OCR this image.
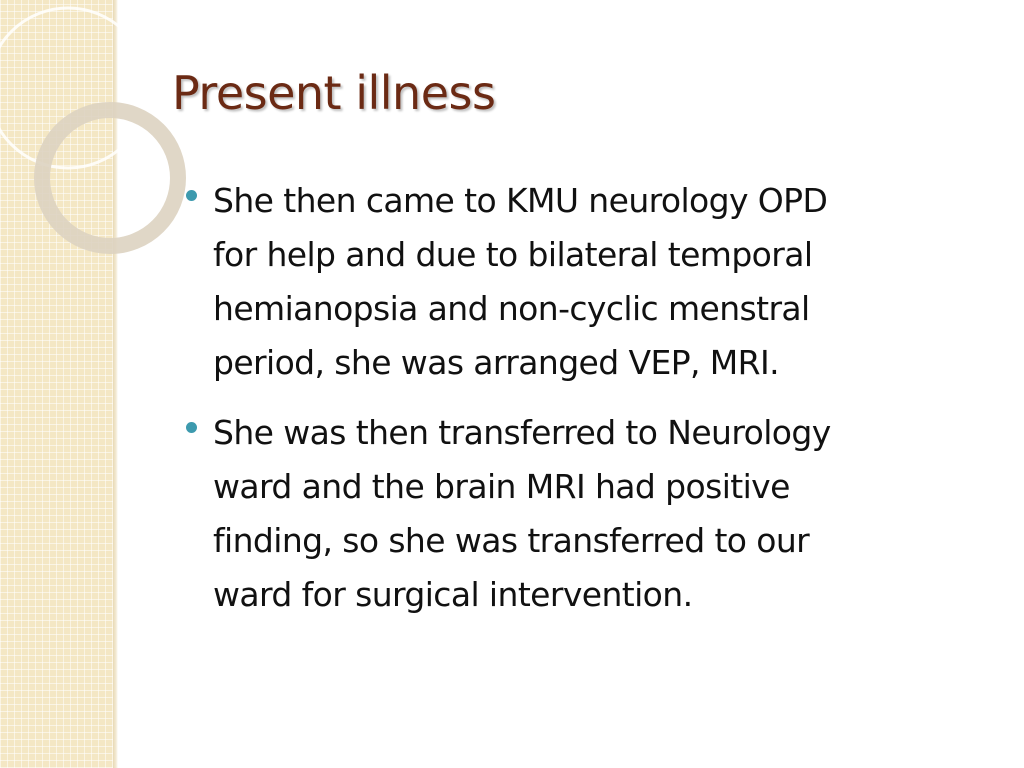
Present illness
She then came to KMU neurology OPD
for help and due to bilateral temporal
hemianopsia and non-cyclic menstral
period, she was arranged VEP, MRI.
She was then transferred to Neurology
ward and the brain MRI had positive
finding, so she was transferred to our
ward for surgical intervention.
